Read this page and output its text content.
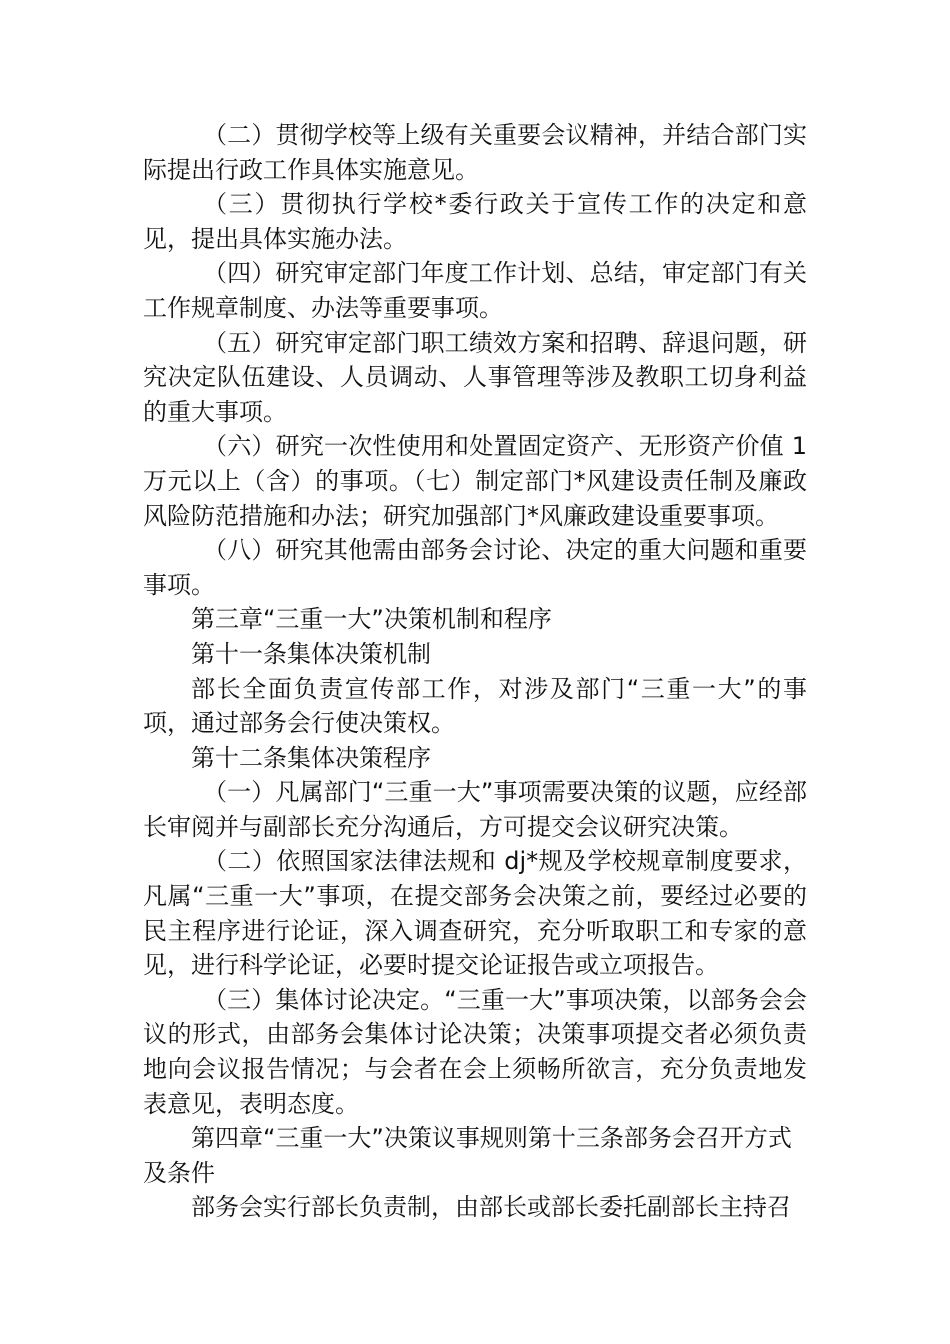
（二）贯彻学校等上级有关重要会议精神，并结合部门实际提出行政工作具体实施意见。

（三）贯彻执行学校*委行政关于宣传工作的决定和意见，提出具体实施办法。

（四）研究审定部门年度工作计划、总结，审定部门有关工作规章制度、办法等重要事项。

（五）研究审定部门职工绩效方案和招聘、辞退问题，研究决定队伍建设、人员调动、人事管理等涉及教职工切身利益的重大事项。

（六）研究一次性使用和处置固定资产、无形资产价值 1万元以上（含）的事项。（七）制定部门*风建设责任制及廉政风险防范措施和办法；研究加强部门*风廉政建设重要事项。

（八）研究其他需由部务会讨论、决定的重大问题和重要事项。

第三章“三重一大”决策机制和程序

第十一条集体决策机制

部长全面负责宣传部工作，对涉及部门“三重一大”的事项，通过部务会行使决策权。

第十二条集体决策程序

（一）凡属部门“三重一大”事项需要决策的议题，应经部长审阅并与副部长充分沟通后，方可提交会议研究决策。

（二）依照国家法律法规和 dj*规及学校规章制度要求，凡属“三重一大”事项，在提交部务会决策之前，要经过必要的民主程序进行论证，深入调查研究，充分听取职工和专家的意见，进行科学论证，必要时提交论证报告或立项报告。

（三）集体讨论决定。“三重一大”事项决策，以部务会会议的形式，由部务会集体讨论决策；决策事项提交者必须负责地向会议报告情况；与会者在会上须畅所欲言，充分负责地发表意见，表明态度。

第四章“三重一大”决策议事规则第十三条部务会召开方式及条件

部务会实行部长负责制，由部长或部长委托副部长主持召
